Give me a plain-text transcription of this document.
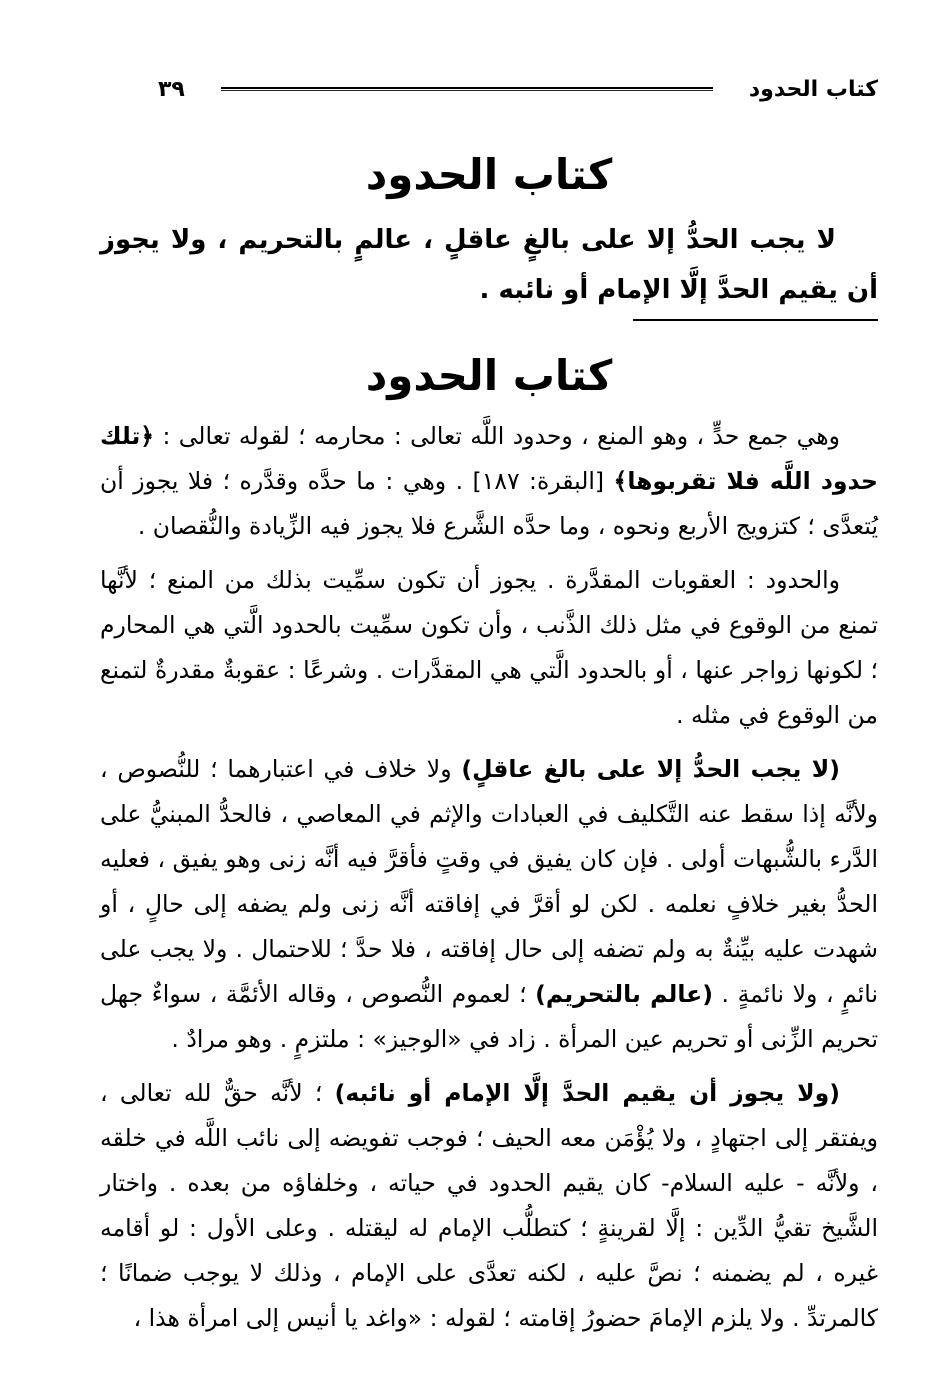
كتاب الحدود
٣٩
كتاب الحدود
لا يجب الحدُّ إلا على بالغٍ عاقلٍ ، عالمٍ بالتحريم ، ولا يجوز أن يقيم الحدَّ إلَّا الإمام أو نائبه .
كتاب الحدود

وهي جمع حدٍّ ، وهو المنع ، وحدود اللَّه تعالى : محارمه ؛ لقوله تعالى : ﴿تلك حدود اللَّه فلا تقربوها﴾ [البقرة: ١٨٧] . وهي : ما حدَّه وقدَّره ؛ فلا يجوز أن يُتعدَّى ؛ كتزويج الأربع ونحوه ، وما حدَّه الشَّرع فلا يجوز فيه الزِّيادة والنُّقصان .

والحدود : العقوبات المقدَّرة . يجوز أن تكون سمِّيت بذلك من المنع ؛ لأنَّها تمنع من الوقوع في مثل ذلك الذَّنب ، وأن تكون سمِّيت بالحدود الَّتي هي المحارم ؛ لكونها زواجر عنها ، أو بالحدود الَّتي هي المقدَّرات . وشرعًا : عقوبةٌ مقدرةٌ لتمنع من الوقوع في مثله .

(لا يجب الحدُّ إلا على بالغ عاقلٍ) ولا خلاف في اعتبارهما ؛ للنُّصوص ، ولأنَّه إذا سقط عنه التَّكليف في العبادات والإثم في المعاصي ، فالحدُّ المبنيُّ على الدَّرء بالشُّبهات أولى . فإن كان يفيق في وقتٍ فأقرَّ فيه أنَّه زنى وهو يفيق ، فعليه الحدُّ بغير خلافٍ نعلمه . لكن لو أقرَّ في إفاقته أنَّه زنى ولم يضفه إلى حالٍ ، أو شهدت عليه بيِّنةٌ به ولم تضفه إلى حال إفاقته ، فلا حدَّ ؛ للاحتمال . ولا يجب على نائمٍ ، ولا نائمةٍ . (عالم بالتحريم) ؛ لعموم النُّصوص ، وقاله الأئمَّة ، سواءٌ جهل تحريم الزِّنى أو تحريم عين المرأة . زاد في «الوجيز» : ملتزمٍ . وهو مرادٌ .

(ولا يجوز أن يقيم الحدَّ إلَّا الإمام أو نائبه) ؛ لأنَّه حقٌّ لله تعالى ، ويفتقر إلى اجتهادٍ ، ولا يُؤْمَن معه الحيف ؛ فوجب تفويضه إلى نائب اللَّه في خلقه ، ولأنَّه - عليه السلام- كان يقيم الحدود في حياته ، وخلفاؤه من بعده . واختار الشَّيخ تقيُّ الدِّين : إلَّا لقرينةٍ ؛ كتطلُّب الإمام له ليقتله . وعلى الأول : لو أقامه غيره ، لم يضمنه ؛ نصَّ عليه ، لكنه تعدَّى على الإمام ، وذلك لا يوجب ضمانًا ؛ كالمرتدِّ . ولا يلزم الإمامَ حضورُ إقامته ؛ لقوله : «واغد يا أنيس إلى امرأة هذا ،
